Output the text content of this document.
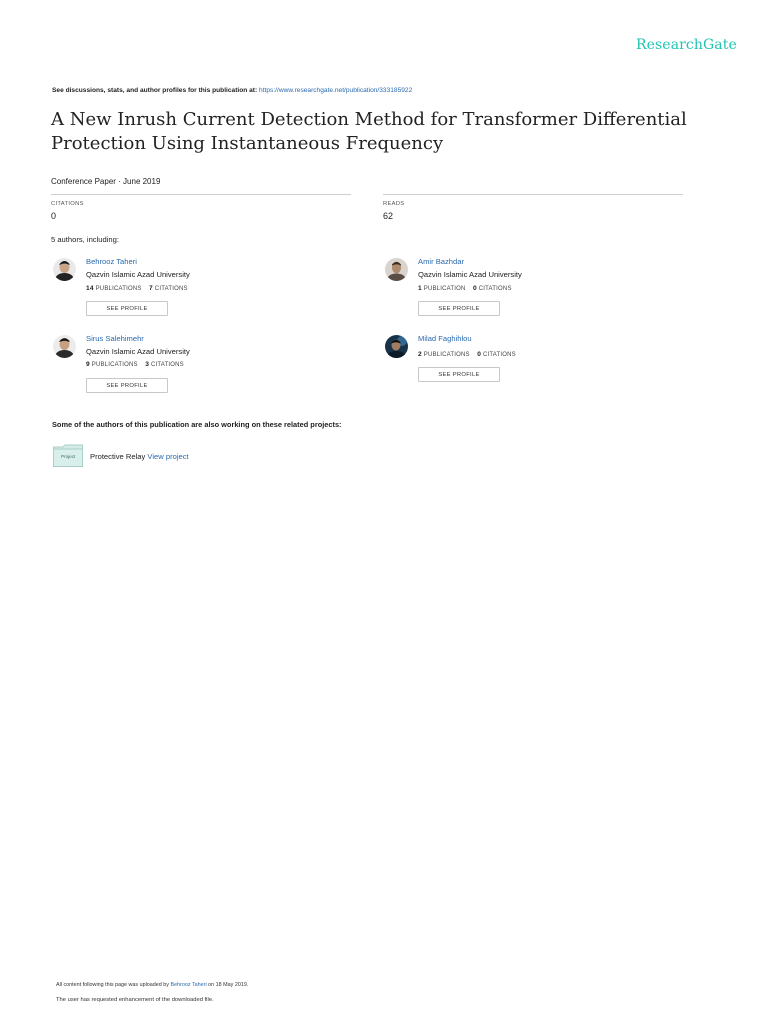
ResearchGate
See discussions, stats, and author profiles for this publication at: https://www.researchgate.net/publication/333185922
A New Inrush Current Detection Method for Transformer Differential
Protection Using Instantaneous Frequency
Conference Paper · June 2019
CITATIONS
0
READS
62
5 authors, including:
Behrooz Taheri
Qazvin Islamic Azad University
14 PUBLICATIONS 7 CITATIONS
SEE PROFILE
Amir Bazhdar
Qazvin Islamic Azad University
1 PUBLICATION 0 CITATIONS
SEE PROFILE
Sirus Salehimehr
Qazvin Islamic Azad University
9 PUBLICATIONS 3 CITATIONS
SEE PROFILE
Milad Faghihlou
2 PUBLICATIONS 0 CITATIONS
SEE PROFILE
Some of the authors of this publication are also working on these related projects:
Project Protective Relay View project
All content following this page was uploaded by Behrooz Taheri on 18 May 2019.
The user has requested enhancement of the downloaded file.
